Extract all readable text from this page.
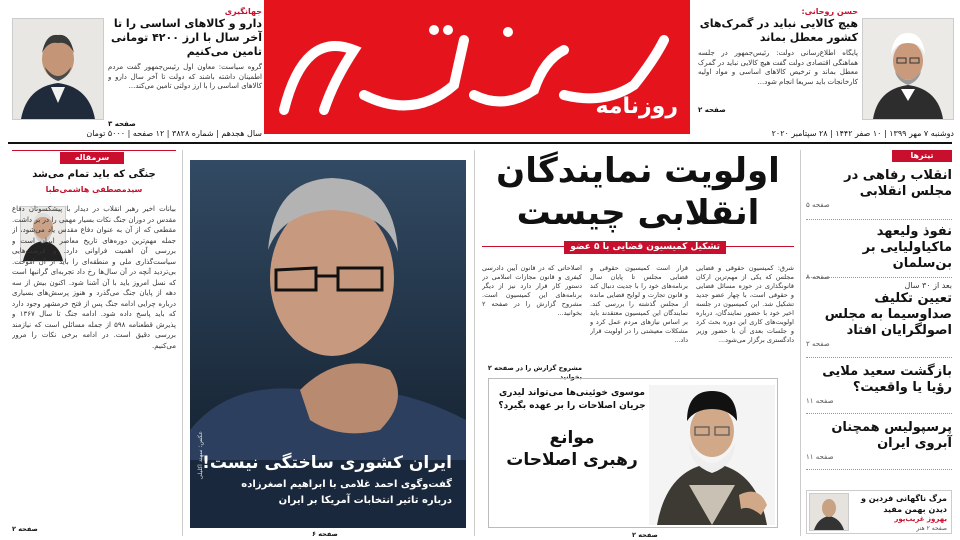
حسن روحانی:
هیچ کالایی نباید در گمرک‌های کشور معطل بماند
پایگاه اطلاع‌رسانی دولت: رئیس‌جمهور در جلسه هماهنگی اقتصادی دولت گفت هیچ کالایی نباید در گمرک معطل بماند و ترخیص کالاهای اساسی و مواد اولیه کارخانجات باید سریعا انجام شود...
صفحه ۲
روزنامه
جهانگیری
دارو و کالاهای اساسی را تا آخر سال با ارز ۴۲۰۰ تومانی تامین می‌کنیم
گروه سیاست: معاون اول رئیس‌جمهور گفت مردم اطمینان داشته باشند که دولت تا آخر سال دارو و کالاهای اساسی را با ارز دولتی تامین می‌کند...
صفحه ۳
دوشنبه ۷ مهر ۱۳۹۹ | ۱۰ صفر ۱۴۴۲ | ۲۸ سپتامبر ۲۰۲۰
سال هجدهم | شماره ۳۸۲۸ | ۱۲ صفحه | ۵۰۰۰ تومان
تیترها
انقلاب رفاهی در مجلس انقلابی
صفحه ۵
نفوذ ولیعهد ماکیاولیایی بر بن‌سلمان
صفحه ۸
بعد از ۳۰ سال
تعیین تکلیف صداوسیما به مجلس اصولگرایان افتاد
صفحه ۲
بازگشت سعید ملایی رؤیا یا واقعیت؟
صفحه ۱۱
پرسپولیس همچنان آبروی ایران
صفحه ۱۱
مرگ ناگهانی فردین و دیدن بهمن مفید
بهروز غریب‌پور
صفحه ۲ هنر
اولویت نمایندگان
انقلابی چیست
تشکیل کمیسیون قضایی با ۵ عضو
شرق: کمیسیون حقوقی و قضایی مجلس که یکی از مهم‌ترین ارکان قانونگذاری در حوزه مسائل قضایی و حقوقی است، با چهار عضو جدید تشکیل شد. این کمیسیون در جلسه اخیر خود با حضور نمایندگان، درباره اولویت‌های کاری این دوره بحث کرد و جلسات بعدی آن با حضور وزیر دادگستری برگزار می‌شود...
قرار است کمیسیون حقوقی و قضایی مجلس تا پایان سال برنامه‌های خود را با جدیت دنبال کند و قانون تجارت و لوایح قضایی مانده از مجلس گذشته را بررسی کند. نمایندگان این کمیسیون معتقدند باید بر اساس نیازهای مردم عمل کرد و مشکلات معیشتی را در اولویت قرار داد...
اصلاحاتی که در قانون آیین دادرسی کیفری و قانون مجازات اسلامی در دستور کار قرار دارد نیز از دیگر برنامه‌های این کمیسیون است. مشروح گزارش را در صفحه ۲ بخوانید...
مشروح گزارش را در صفحه ۲ بخوانید
موسوی خوئینی‌ها می‌تواند لیدری جریان اصلاحات را بر عهده بگیرد؟
موانع
رهبری اصلاحات
صفحه ۲
ایران کشوری ساختگی نیست!
گفت‌وگوی احمد غلامی با ابراهیم اصغرزاده
درباره تاثیر انتخابات آمریکا بر ایران
عکس: سهند اکلیلی
صفحه ۶
سرمقاله
جنگی که باید تمام می‌شد
سیدمصطفی هاشمی‌طبا
بیانات اخیر رهبر انقلاب در دیدار با پیشکسوتان دفاع مقدس در دوران جنگ نکات بسیار مهمی را در بر داشت. مقطعی که از آن به عنوان دفاع مقدس یاد می‌شود، از جمله مهم‌ترین دوره‌های تاریخ معاصر ایران است و بررسی آن اهمیت فراوانی دارد. و فرصت‌هایی سیاست‌گذاری ملی و منطقه‌ای را باید از آن آموخت. بی‌تردید آنچه در آن سال‌ها رخ داد تجربه‌ای گرانبها است که نسل امروز باید با آن آشنا شود. اکنون بیش از سه دهه از پایان جنگ می‌گذرد و هنوز پرسش‌های بسیاری درباره چرایی ادامه جنگ پس از فتح خرمشهر وجود دارد که باید پاسخ داده شود. ادامه جنگ تا سال ۱۳۶۷ و پذیرش قطعنامه ۵۹۸ از جمله مسائلی است که نیازمند بررسی دقیق است. در ادامه برخی نکات را مرور می‌کنیم.
صفحه ۲
